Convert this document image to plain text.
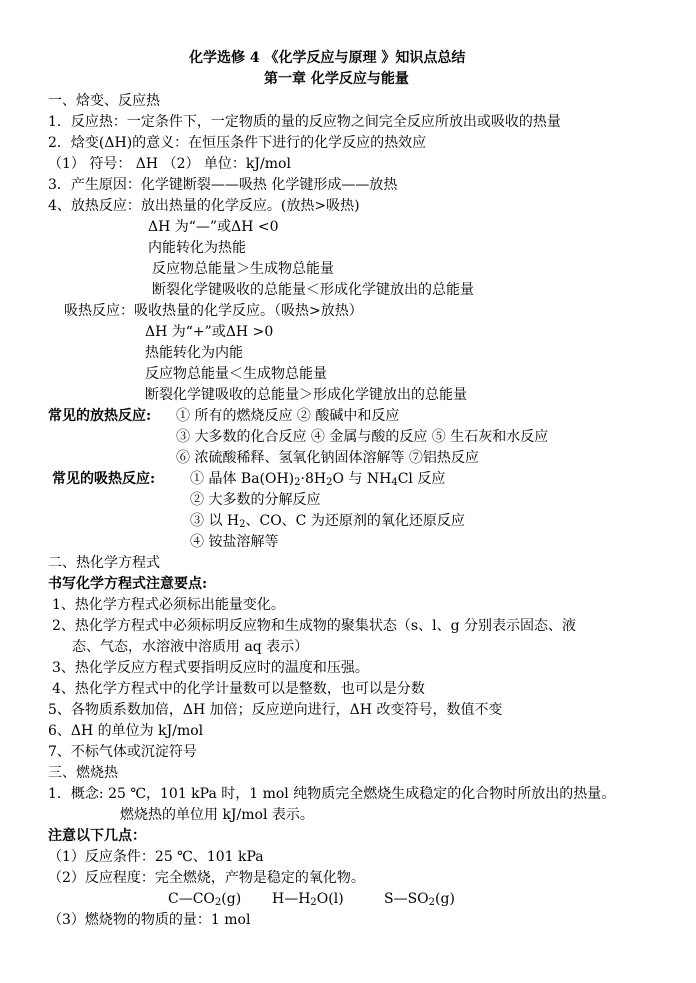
化学选修 4 《化学反应与原理 》知识点总结
第一章 化学反应与能量
一、焓变、反应热
1．反应热：一定条件下，一定物质的量的反应物之间完全反应所放出或吸收的热量
2．焓变(ΔH)的意义：在恒压条件下进行的化学反应的热效应
（1） 符号： ΔH （2） 单位：kJ/mol
3．产生原因：化学键断裂——吸热 化学键形成——放热
4、放热反应：放出热量的化学反应。(放热>吸热)
ΔH 为“—”或ΔH <0
内能转化为热能
反应物总能量＞生成物总能量
断裂化学键吸收的总能量＜形成化学键放出的总能量
吸热反应：吸收热量的化学反应。（吸热>放热）
ΔH 为“+”或ΔH >0
热能转化为内能
反应物总能量＜生成物总能量
断裂化学键吸收的总能量＞形成化学键放出的总能量
常见的放热反应: ① 所有的燃烧反应 ② 酸碱中和反应
③ 大多数的化合反应 ④ 金属与酸的反应 ⑤ 生石灰和水反应
⑥ 浓硫酸稀释、氢氧化钠固体溶解等 ⑦铝热反应
常见的吸热反应: ① 晶体 $Ba(OH)_2\cdot 8H_2O$ 与 $NH_4Cl$ 反应
② 大多数的分解反应
③ 以 $H_2$、CO、C 为还原剂的氧化还原反应
④ 铵盐溶解等
二、热化学方程式
书写化学方程式注意要点:
1、热化学方程式必须标出能量变化。
2、热化学方程式中必须标明反应物和生成物的聚集状态（s、l、g 分别表示固态、液
态、气态，水溶液中溶质用 aq 表示）
3、热化学反应方程式要指明反应时的温度和压强。
4、热化学方程式中的化学计量数可以是整数，也可以是分数
5、各物质系数加倍，ΔH 加倍；反应逆向进行，ΔH 改变符号，数值不变
6、ΔH 的单位为 kJ/mol
7、不标气体或沉淀符号
三、燃烧热
1．概念: 25 ℃，101 kPa 时，1 mol 纯物质完全燃烧生成稳定的化合物时所放出的热量。
燃烧热的单位用 kJ/mol 表示。
注意以下几点：
（1）反应条件：25 ℃、101 kPa
（2）反应程度：完全燃烧，产物是稳定的氧化物。
$C—CO_2(g)$ $H—H_2O(l)$	$S—SO_2(g)$
（3）燃烧物的物质的量：1 mol
